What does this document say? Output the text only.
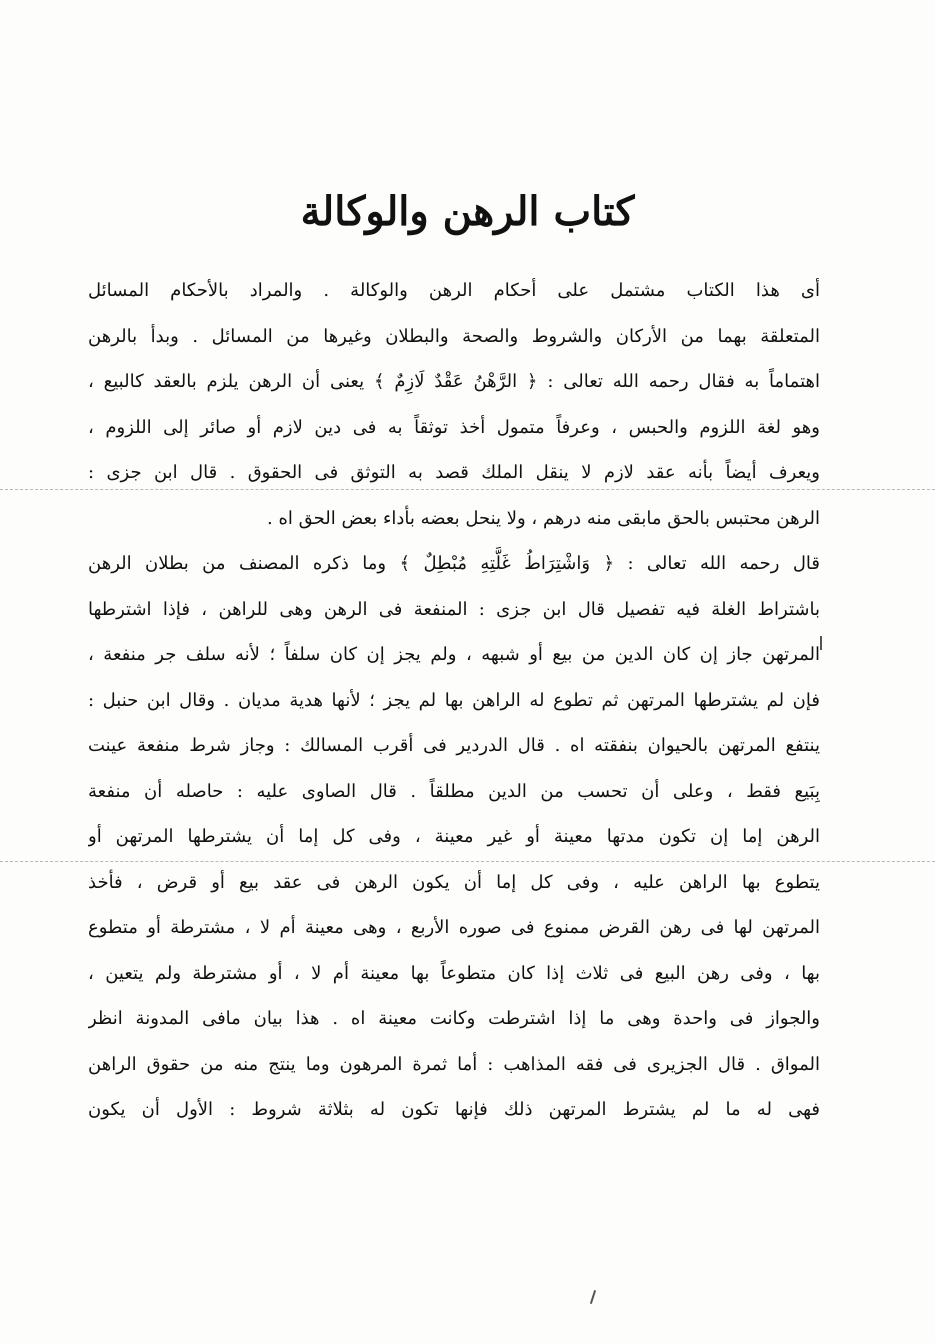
كتاب الرهن والوكالة
أى هذا الكتاب مشتمل على أحكام الرهن والوكالة . والمراد بالأحكام المسائل
المتعلقة بهما من الأركان والشروط والصحة والبطلان وغيرها من المسائل . وبدأ بالرهن
اهتماماً به فقال رحمه الله تعالى : ﴿ الرَّهْنُ عَقْدٌ لَازِمٌ ﴾ يعنى أن الرهن يلزم بالعقد كالبيع ،
وهو لغة اللزوم والحبس ، وعرفاً متمول أخذ توثقاً به فى دين لازم أو صائر إلى اللزوم ،
ويعرف أيضاً بأنه عقد لازم لا ينقل الملك قصد به التوثق فى الحقوق . قال ابن جزى :
الرهن محتبس بالحق مابقى منه درهم ، ولا ينحل بعضه بأداء بعض الحق اه .
قال رحمه الله تعالى : ﴿ وَاشْتِرَاطُ غَلَّتِهِ مُبْطِلٌ ﴾ وما ذكره المصنف من بطلان الرهن
باشتراط الغلة فيه تفصيل قال ابن جزى : المنفعة فى الرهن وهى للراهن ، فإذا اشترطها
المرتهن جاز إن كان الدين من بيع أو شبهه ، ولم يجز إن كان سلفاً ؛ لأنه سلف جر منفعة ،
فإن لم يشترطها المرتهن ثم تطوع له الراهن بها لم يجز ؛ لأنها هدية مديان . وقال ابن حنبل :
ينتفع المرتهن بالحيوان بنفقته اه . قال الدردير فى أقرب المسالك : وجاز شرط منفعة عينت
بِبَيع فقط ، وعلى أن تحسب من الدين مطلقاً . قال الصاوى عليه : حاصله أن منفعة
الرهن إما إن تكون مدتها معينة أو غير معينة ، وفى كل إما أن يشترطها المرتهن أو
يتطوع بها الراهن عليه ، وفى كل إما أن يكون الرهن فى عقد بيع أو قرض ، فأخذ
المرتهن لها فى رهن القرض ممنوع فى صوره الأربع ، وهى معينة أم لا ، مشترطة أو متطوع
بها ، وفى رهن البيع فى ثلاث إذا كان متطوعاً بها معينة أم لا ، أو مشترطة ولم يتعين ،
والجواز فى واحدة وهى ما إذا اشترطت وكانت معينة اه . هذا بيان مافى المدونة انظر
المواق . قال الجزيرى فى فقه المذاهب : أما ثمرة المرهون وما ينتج منه من حقوق الراهن
فهى له ما لم يشترط المرتهن ذلك فإنها تكون له بثلاثة شروط : الأول أن يكون
